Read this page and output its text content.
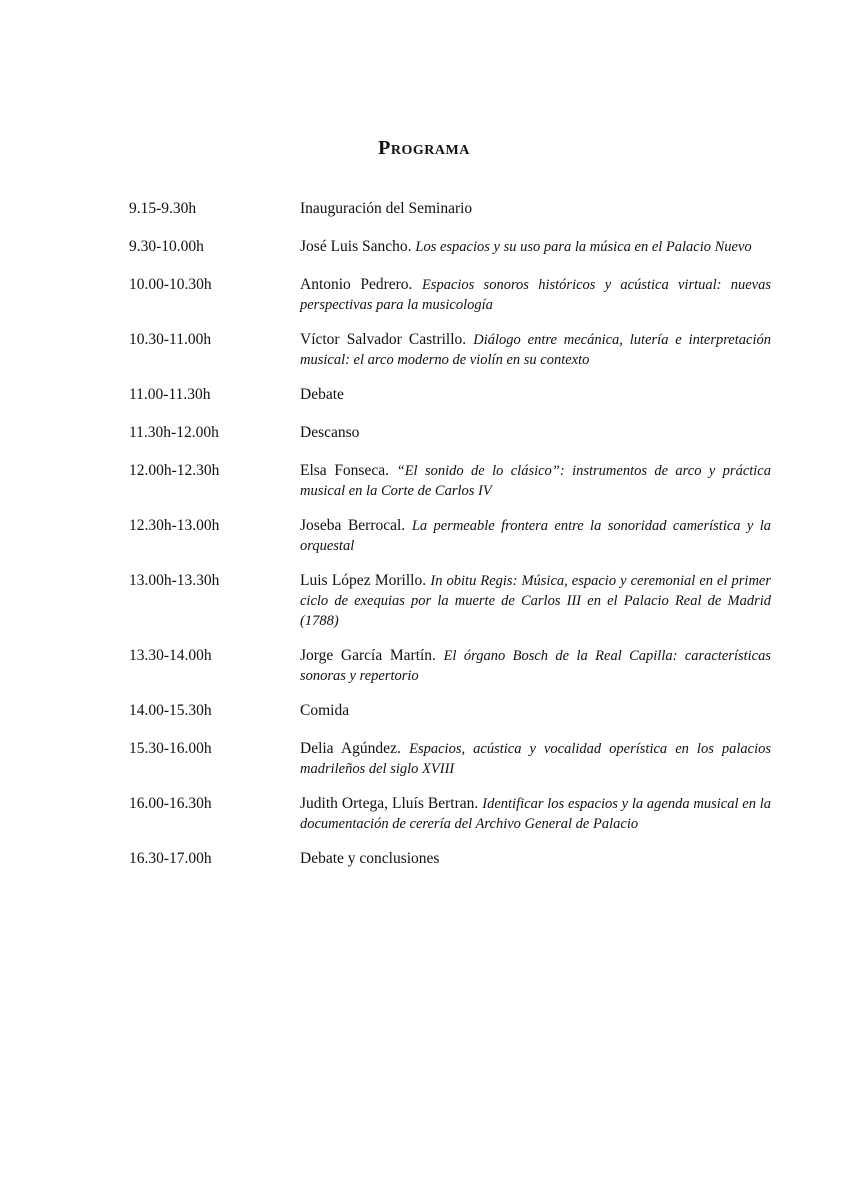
Programa
9.15-9.30h	Inauguración del Seminario
9.30-10.00h	José Luis Sancho. Los espacios y su uso para la música en el Palacio Nuevo
10.00-10.30h	Antonio Pedrero. Espacios sonoros históricos y acústica virtual: nuevas perspectivas para la musicología
10.30-11.00h	Víctor Salvador Castrillo. Diálogo entre mecánica, lutería e interpretación musical: el arco moderno de violín en su contexto
11.00-11.30h	Debate
11.30h-12.00h	Descanso
12.00h-12.30h	Elsa Fonseca. “El sonido de lo clásico”: instrumentos de arco y práctica musical en la Corte de Carlos IV
12.30h-13.00h	Joseba Berrocal. La permeable frontera entre la sonoridad camerística y la orquestal
13.00h-13.30h	Luis López Morillo. In obitu Regis: Música, espacio y ceremonial en el primer ciclo de exequias por la muerte de Carlos III en el Palacio Real de Madrid (1788)
13.30-14.00h	Jorge García Martín. El órgano Bosch de la Real Capilla: características sonoras y repertorio
14.00-15.30h	Comida
15.30-16.00h	Delia Agúndez. Espacios, acústica y vocalidad operística en los palacios madrileños del siglo XVIII
16.00-16.30h	Judith Ortega, Lluís Bertran. Identificar los espacios y la agenda musical en la documentación de cerería del Archivo General de Palacio
16.30-17.00h	Debate y conclusiones
